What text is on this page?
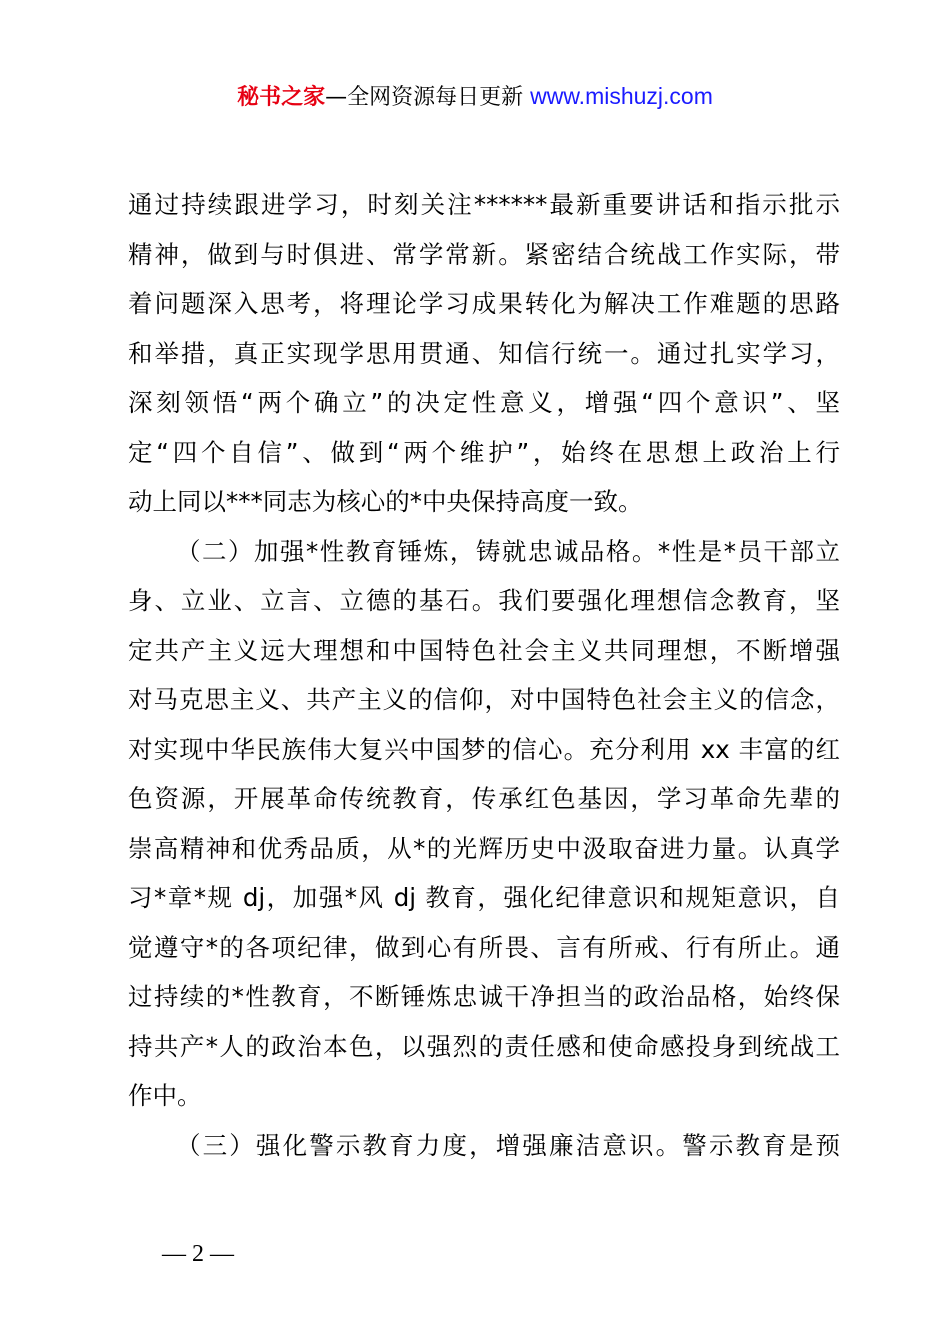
秘书之家—全网资源每日更新 www.mishuzj.com
通过持续跟进学习，时刻关注******最新重要讲话和指示批示
精神，做到与时俱进、常学常新。紧密结合统战工作实际，带
着问题深入思考，将理论学习成果转化为解决工作难题的思路
和举措，真正实现学思用贯通、知信行统一。通过扎实学习，
深刻领悟“两个确立”的决定性意义，增强“四个意识”、坚
定“四个自信”、做到“两个维护”，始终在思想上政治上行
动上同以***同志为核心的*中央保持高度一致。
（二）加强*性教育锤炼，铸就忠诚品格。*性是*员干部立
身、立业、立言、立德的基石。我们要强化理想信念教育，坚
定共产主义远大理想和中国特色社会主义共同理想，不断增强
对马克思主义、共产主义的信仰，对中国特色社会主义的信念，
对实现中华民族伟大复兴中国梦的信心。充分利用 xx 丰富的红
色资源，开展革命传统教育，传承红色基因，学习革命先辈的
崇高精神和优秀品质，从*的光辉历史中汲取奋进力量。认真学
习*章*规 dj，加强*风 dj 教育，强化纪律意识和规矩意识，自
觉遵守*的各项纪律，做到心有所畏、言有所戒、行有所止。通
过持续的*性教育，不断锤炼忠诚干净担当的政治品格，始终保
持共产*人的政治本色，以强烈的责任感和使命感投身到统战工
作中。
（三）强化警示教育力度，增强廉洁意识。警示教育是预
— 2 —
